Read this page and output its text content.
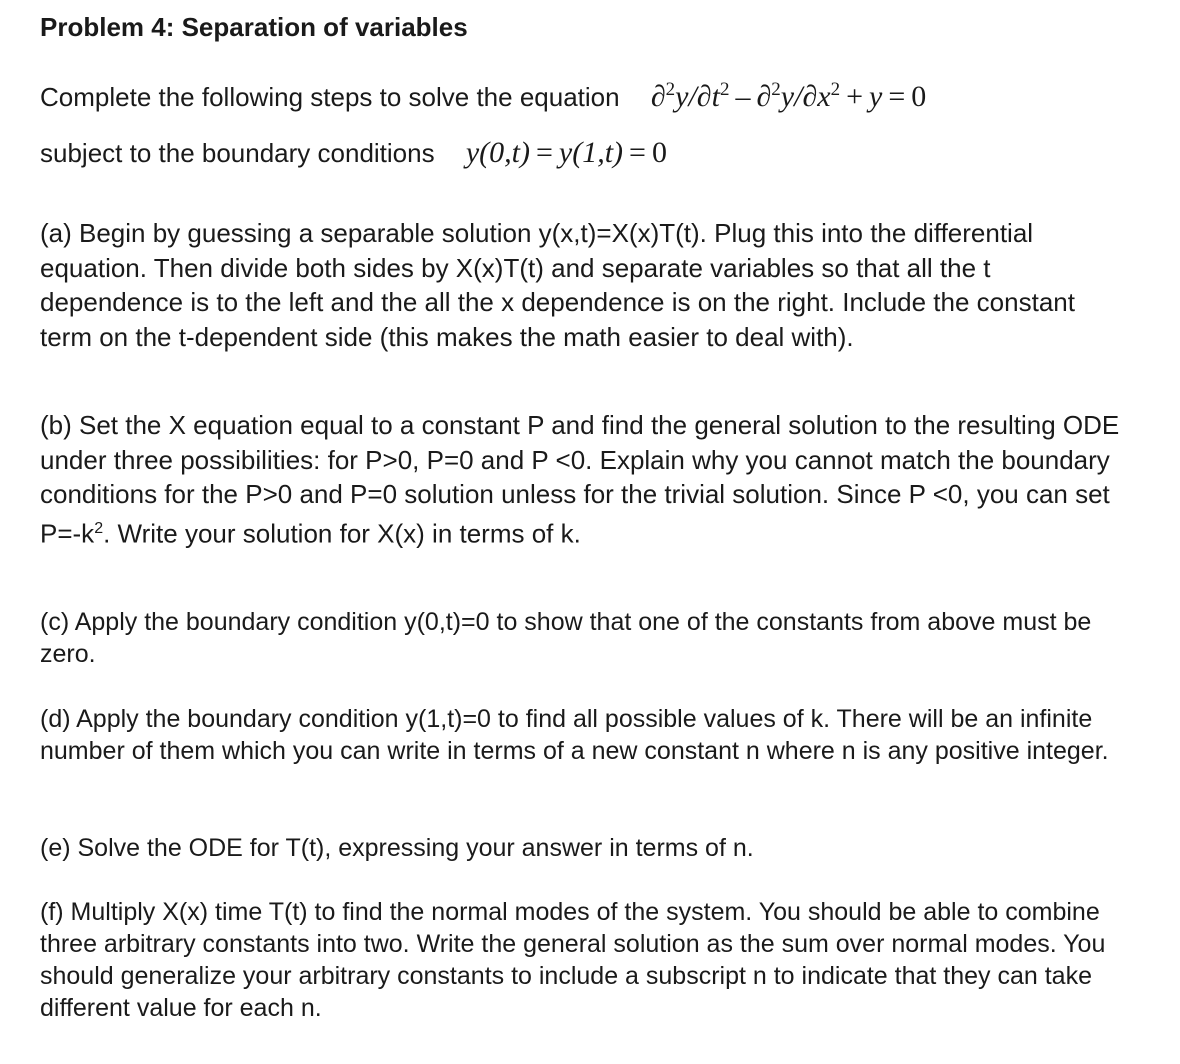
Problem 4: Separation of variables
Complete the following steps to solve the equation $\partial^2y/\partial t^2 - \partial^2y/\partial x^2 + y = 0$
subject to the boundary conditions y(0,t) = y(1,t) = 0

(a) Begin by guessing a separable solution y(x,t)=X(x)T(t). Plug this into the differential equation. Then divide both sides by X(x)T(t) and separate variables so that all the t dependence is to the left and the all the x dependence is on the right. Include the constant term on the t-dependent side (this makes the math easier to deal with).

(b) Set the X equation equal to a constant P and find the general solution to the resulting ODE under three possibilities: for P>0, P=0 and P <0. Explain why you cannot match the boundary conditions for the P>0 and P=0 solution unless for the trivial solution. Since P <0, you can set $P=-k^2$. Write your solution for X(x) in terms of k.

(c) Apply the boundary condition y(0,t)=0 to show that one of the constants from above must be zero.

(d) Apply the boundary condition y(1,t)=0 to find all possible values of k. There will be an infinite number of them which you can write in terms of a new constant n where n is any positive integer.

(e) Solve the ODE for T(t), expressing your answer in terms of n.

(f) Multiply X(x) time T(t) to find the normal modes of the system. You should be able to combine three arbitrary constants into two. Write the general solution as the sum over normal modes. You should generalize your arbitrary constants to include a subscript n to indicate that they can take different value for each n.
